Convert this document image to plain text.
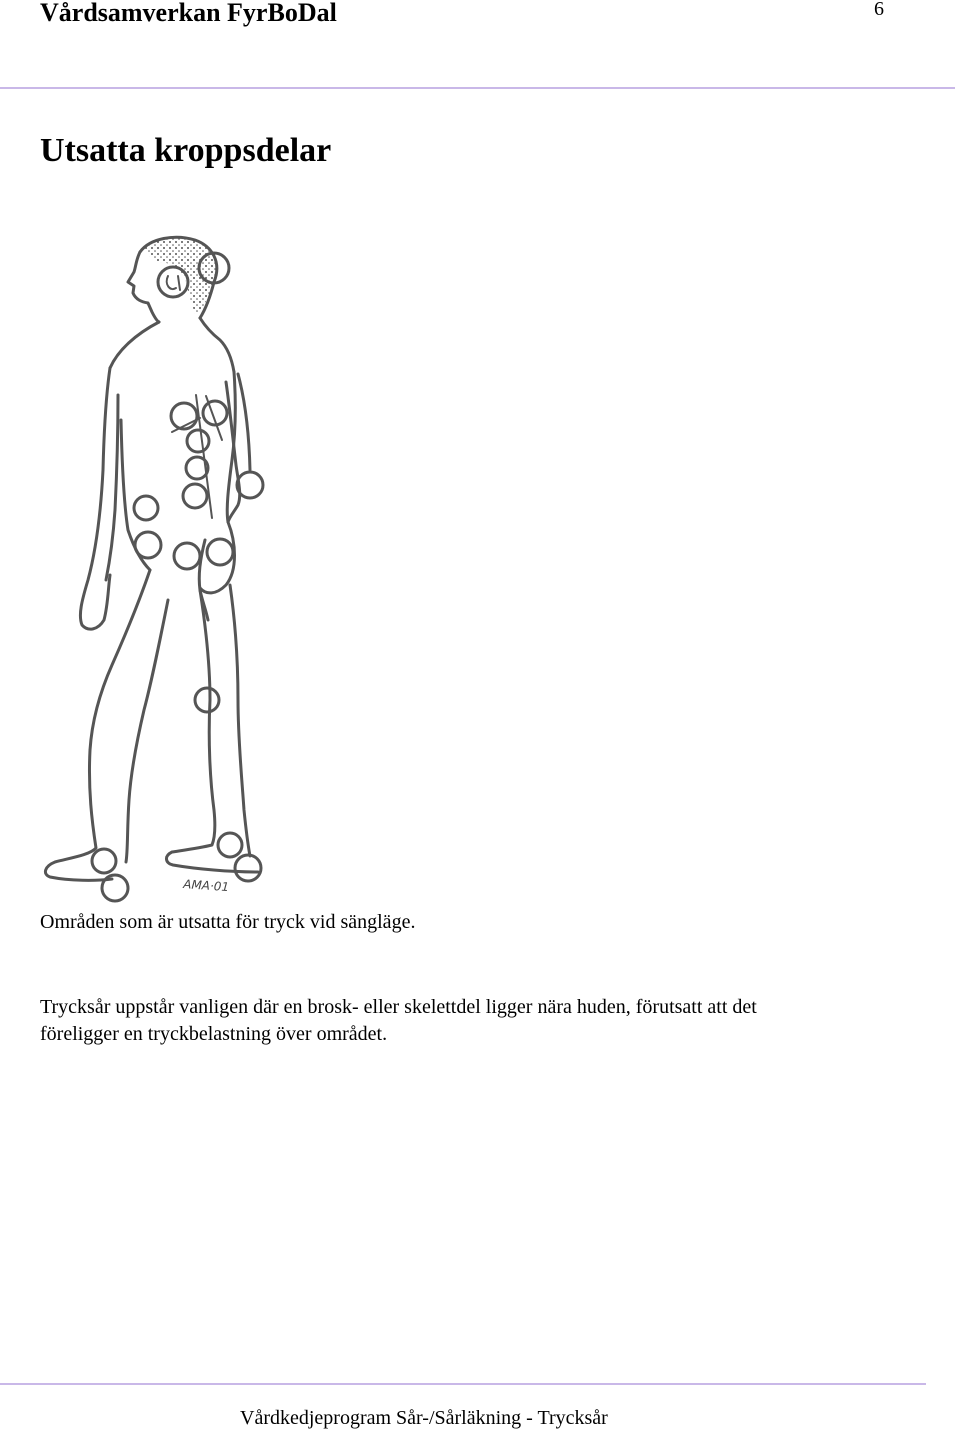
Vårdsamverkan FyrBoDal	6
Utsatta kroppsdelar
AMA·01
Områden som är utsatta för tryck vid sängläge.
Trycksår uppstår vanligen där en brosk- eller skelettdel ligger nära huden, förutsatt att det
föreligger en tryckbelastning över området.
Vårdkedjeprogram Sår-/Sårläkning - Trycksår
